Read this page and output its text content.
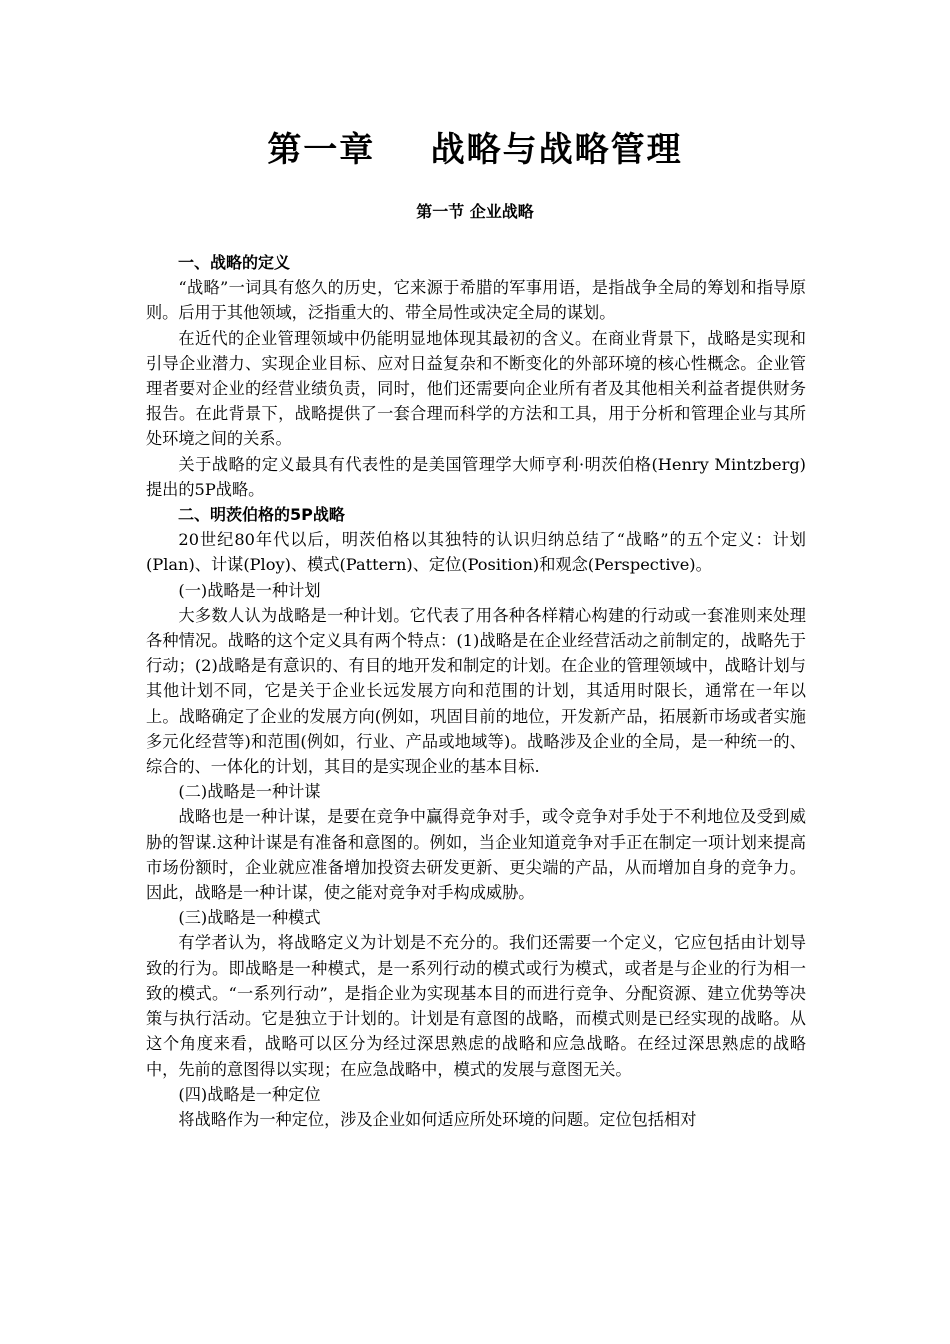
第一章    战略与战略管理
第一节 企业战略
一、战略的定义

“战略”一词具有悠久的历史，它来源于希腊的军事用语，是指战争全局的筹划和指导原则。后用于其他领域，泛指重大的、带全局性或决定全局的谋划。

在近代的企业管理领域中仍能明显地体现其最初的含义。在商业背景下，战略是实现和引导企业潜力、实现企业目标、应对日益复杂和不断变化的外部环境的核心性概念。企业管理者要对企业的经营业绩负责，同时，他们还需要向企业所有者及其他相关利益者提供财务报告。在此背景下，战略提供了一套合理而科学的方法和工具，用于分析和管理企业与其所处环境之间的关系。

关于战略的定义最具有代表性的是美国管理学大师亨利·明茨伯格(Henry Mintzberg)提出的5P战略。

二、明茨伯格的5P战略

20世纪80年代以后，明茨伯格以其独特的认识归纳总结了“战略”的五个定义：计划(Plan)、计谋(Ploy)、模式(Pattern)、定位(Position)和观念(Perspective)。

(一)战略是一种计划

大多数人认为战略是一种计划。它代表了用各种各样精心构建的行动或一套准则来处理各种情况。战略的这个定义具有两个特点：(1)战略是在企业经营活动之前制定的，战略先于行动；(2)战略是有意识的、有目的地开发和制定的计划。在企业的管理领域中，战略计划与其他计划不同，它是关于企业长远发展方向和范围的计划，其适用时限长，通常在一年以上。战略确定了企业的发展方向(例如，巩固目前的地位，开发新产品，拓展新市场或者实施多元化经营等)和范围(例如，行业、产品或地域等)。战略涉及企业的全局，是一种统一的、综合的、一体化的计划，其目的是实现企业的基本目标.

(二)战略是一种计谋

战略也是一种计谋，是要在竞争中赢得竞争对手，或令竞争对手处于不利地位及受到威胁的智谋.这种计谋是有准备和意图的。例如，当企业知道竞争对手正在制定一项计划来提高市场份额时，企业就应准备增加投资去研发更新、更尖端的产品，从而增加自身的竞争力。因此，战略是一种计谋，使之能对竞争对手构成威胁。

(三)战略是一种模式

有学者认为，将战略定义为计划是不充分的。我们还需要一个定义，它应包括由计划导致的行为。即战略是一种模式，是一系列行动的模式或行为模式，或者是与企业的行为相一致的模式。“一系列行动”，是指企业为实现基本目的而进行竞争、分配资源、建立优势等决策与执行活动。它是独立于计划的。计划是有意图的战略，而模式则是已经实现的战略。从这个角度来看，战略可以区分为经过深思熟虑的战略和应急战略。在经过深思熟虑的战略中，先前的意图得以实现；在应急战略中，模式的发展与意图无关。

(四)战略是一种定位

将战略作为一种定位，涉及企业如何适应所处环境的问题。定位包括相对
